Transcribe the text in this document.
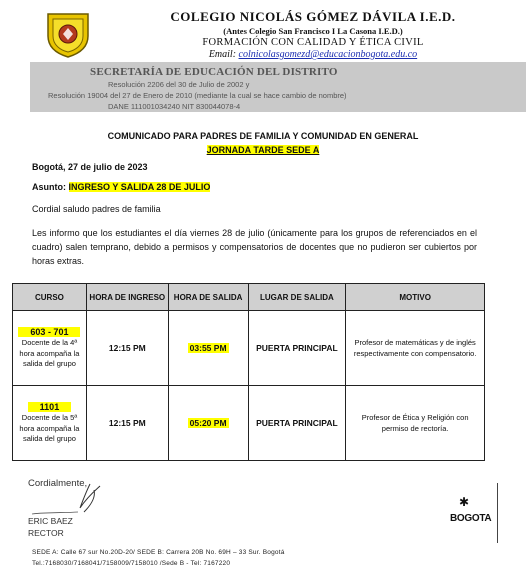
COLEGIO NICOLÁS GÓMEZ DÁVILA I.E.D.
(Antes Colegio San Francisco I La Casona I.E.D.)
FORMACIÓN CON CALIDAD Y ÉTICA CIVIL
Email: colnicolasgomezd@educacionbogota.edu.co
SECRETARÍA DE EDUCACIÓN DEL DISTRITO
Resolución 2206 del 30 de Julio de 2002 y
Resolución 19004 del 27 de Enero de 2010 (mediante la cual se hace cambio de nombre)
DANE 111001034240 NIT 830044078-4
COMUNICADO PARA PADRES DE FAMILIA Y COMUNIDAD EN GENERAL
JORNADA TARDE SEDE A
Bogotá, 27 de julio de 2023
Asunto: INGRESO Y SALIDA 28 DE JULIO
Cordial saludo padres de familia
Les informo que los estudiantes el día viernes 28 de julio (únicamente para los grupos de referenciados en el cuadro) salen temprano, debido a permisos y compensatorios de docentes que no pudieron ser cubiertos por horas extras.
CURSO	HORA DE INGRESO	HORA DE SALIDA	LUGAR DE SALIDA	MOTIVO
603 - 701
Docente de la 4ª hora acompaña la salida del grupo	12:15 PM	03:55 PM	PUERTA PRINCIPAL	Profesor de matemáticas y de inglés respectivamente con compensatorio.
1101
Docente de la 5ª hora acompaña la salida del grupo	12:15 PM	05:20 PM	PUERTA PRINCIPAL	Profesor de Ética y Religión con permiso de rectoría.
Cordialmente,
ERIC BAEZ
RECTOR
✱
BOGOTA
SEDE A: Calle 67 sur No.20D-20/ SEDE B: Carrera 20B No. 69H – 33 Sur. Bogotá
Tel.:7168030/7168041/7158009/7158010 /Sede B - Tel: 7167220
